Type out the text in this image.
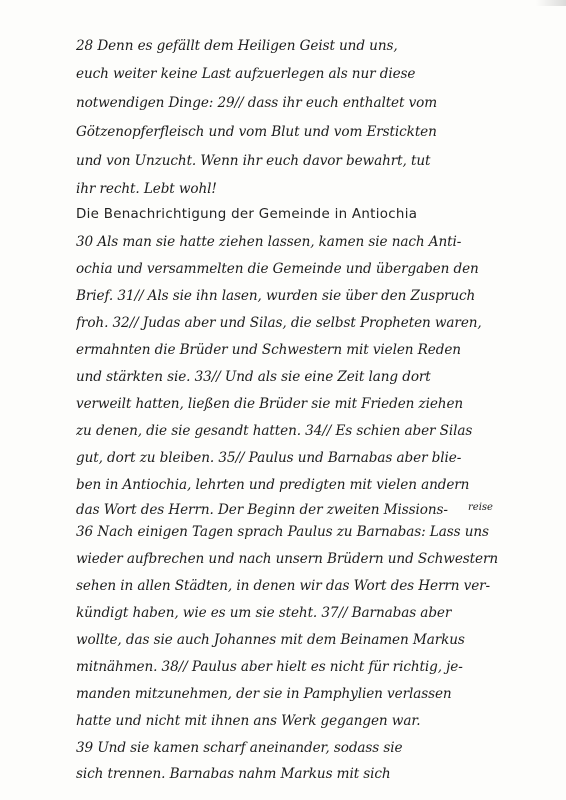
28 Denn es gefällt dem Heiligen Geist und uns,
euch weiter keine Last aufzuerlegen als nur diese
notwendigen Dinge: 29// dass ihr euch enthaltet vom
Götzenopferfleisch und vom Blut und vom Erstickten
und von Unzucht. Wenn ihr euch davor bewahrt, tut
ihr recht. Lebt wohl!
Die Benachrichtigung der Gemeinde in Antiochia
30 Als man sie hatte ziehen lassen, kamen sie nach Anti-
ochia und versammelten die Gemeinde und übergaben den
Brief. 31// Als sie ihn lasen, wurden sie über den Zuspruch
froh. 32// Judas aber und Silas, die selbst Propheten waren,
ermahnten die Brüder und Schwestern mit vielen Reden
und stärkten sie. 33// Und als sie eine Zeit lang dort
verweilt hatten, ließen die Brüder sie mit Frieden ziehen
zu denen, die sie gesandt hatten. 34// Es schien aber Silas
gut, dort zu bleiben. 35// Paulus und Barnabas aber blie-
ben in Antiochia, lehrten und predigten mit vielen andern
das Wort des Herrn. Der Beginn der zweiten Missions-	reise
36 Nach einigen Tagen sprach Paulus zu Barnabas: Lass uns
wieder aufbrechen und nach unsern Brüdern und Schwestern
sehen in allen Städten, in denen wir das Wort des Herrn ver-
kündigt haben, wie es um sie steht. 37// Barnabas aber
wollte, das sie auch Johannes mit dem Beinamen Markus
mitnähmen. 38// Paulus aber hielt es nicht für richtig, je-
manden mitzunehmen, der sie in Pamphylien verlassen
hatte und nicht mit ihnen ans Werk gegangen war.
39 Und sie kamen scharf aneinander, sodass sie
sich trennen. Barnabas nahm Markus mit sich
